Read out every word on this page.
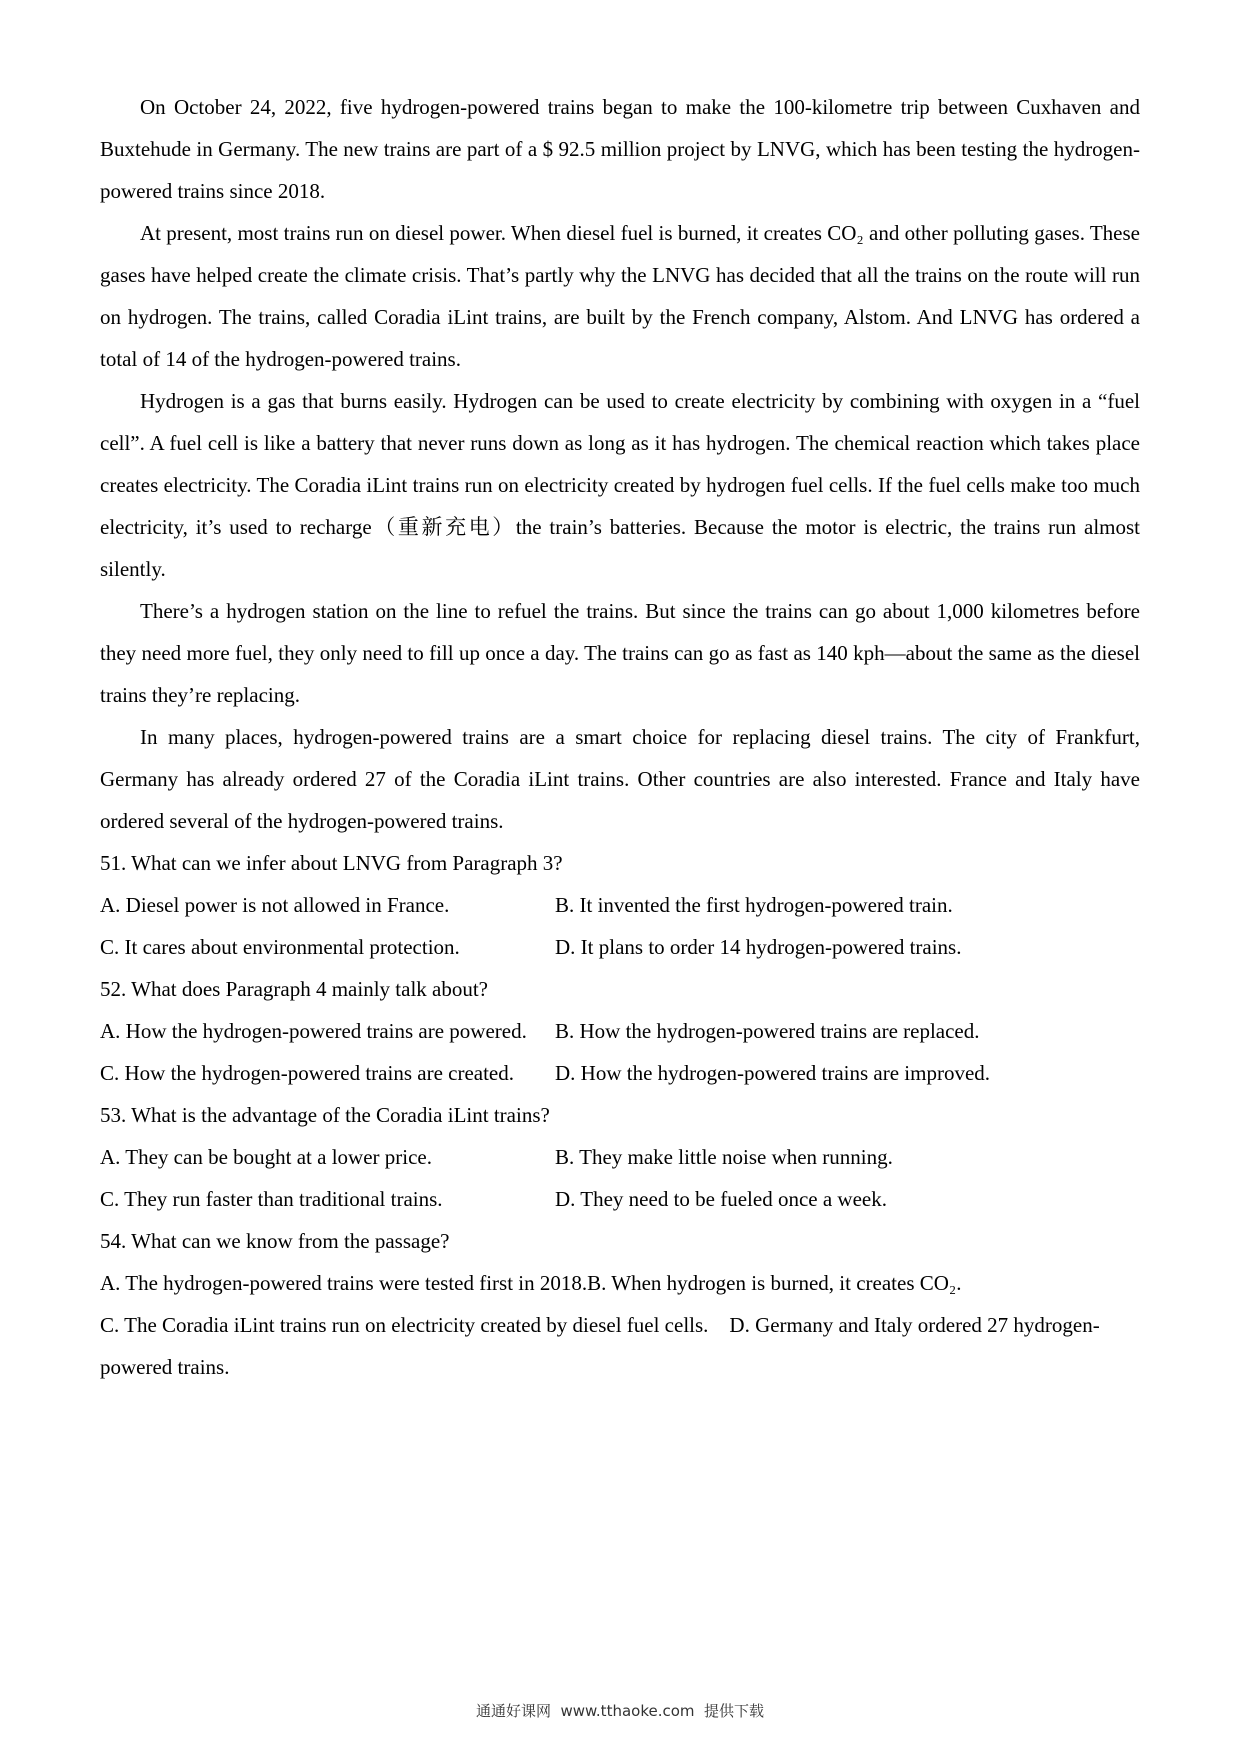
On October 24, 2022, five hydrogen-powered trains began to make the 100-kilometre trip between Cuxhaven and Buxtehude in Germany. The new trains are part of a $ 92.5 million project by LNVG, which has been testing the hydrogen-powered trains since 2018.

At present, most trains run on diesel power. When diesel fuel is burned, it creates CO₂ and other polluting gases. These gases have helped create the climate crisis. That’s partly why the LNVG has decided that all the trains on the route will run on hydrogen. The trains, called Coradia iLint trains, are built by the French company, Alstom. And LNVG has ordered a total of 14 of the hydrogen-powered trains.

Hydrogen is a gas that burns easily. Hydrogen can be used to create electricity by combining with oxygen in a “fuel cell”. A fuel cell is like a battery that never runs down as long as it has hydrogen. The chemical reaction which takes place creates electricity. The Coradia iLint trains run on electricity created by hydrogen fuel cells. If the fuel cells make too much electricity, it’s used to recharge（重新充电）the train’s batteries. Because the motor is electric, the trains run almost silently.

There’s a hydrogen station on the line to refuel the trains. But since the trains can go about 1,000 kilometres before they need more fuel, they only need to fill up once a day. The trains can go as fast as 140 kph—about the same as the diesel trains they’re replacing.

In many places, hydrogen-powered trains are a smart choice for replacing diesel trains. The city of Frankfurt, Germany has already ordered 27 of the Coradia iLint trains. Other countries are also interested. France and Italy have ordered several of the hydrogen-powered trains.

51. What can we infer about LNVG from Paragraph 3?

A. Diesel power is not allowed in France.	B. It invented the first hydrogen-powered train.
C. It cares about environmental protection.	D. It plans to order 14 hydrogen-powered trains.

52. What does Paragraph 4 mainly talk about?

A. How the hydrogen-powered trains are powered.	B. How the hydrogen-powered trains are replaced.
C. How the hydrogen-powered trains are created.	D. How the hydrogen-powered trains are improved.

53. What is the advantage of the Coradia iLint trains?

A. They can be bought at a lower price.	B. They make little noise when running.
C. They run faster than traditional trains.	D. They need to be fueled once a week.

54. What can we know from the passage?

A. The hydrogen-powered trains were tested first in 2018.B. When hydrogen is burned, it creates CO₂.

C. The Coradia iLint trains run on electricity created by diesel fuel cells.    D. Germany and Italy ordered 27 hydrogen-powered trains.

通通好课网  www.tthaoke.com  提供下载
